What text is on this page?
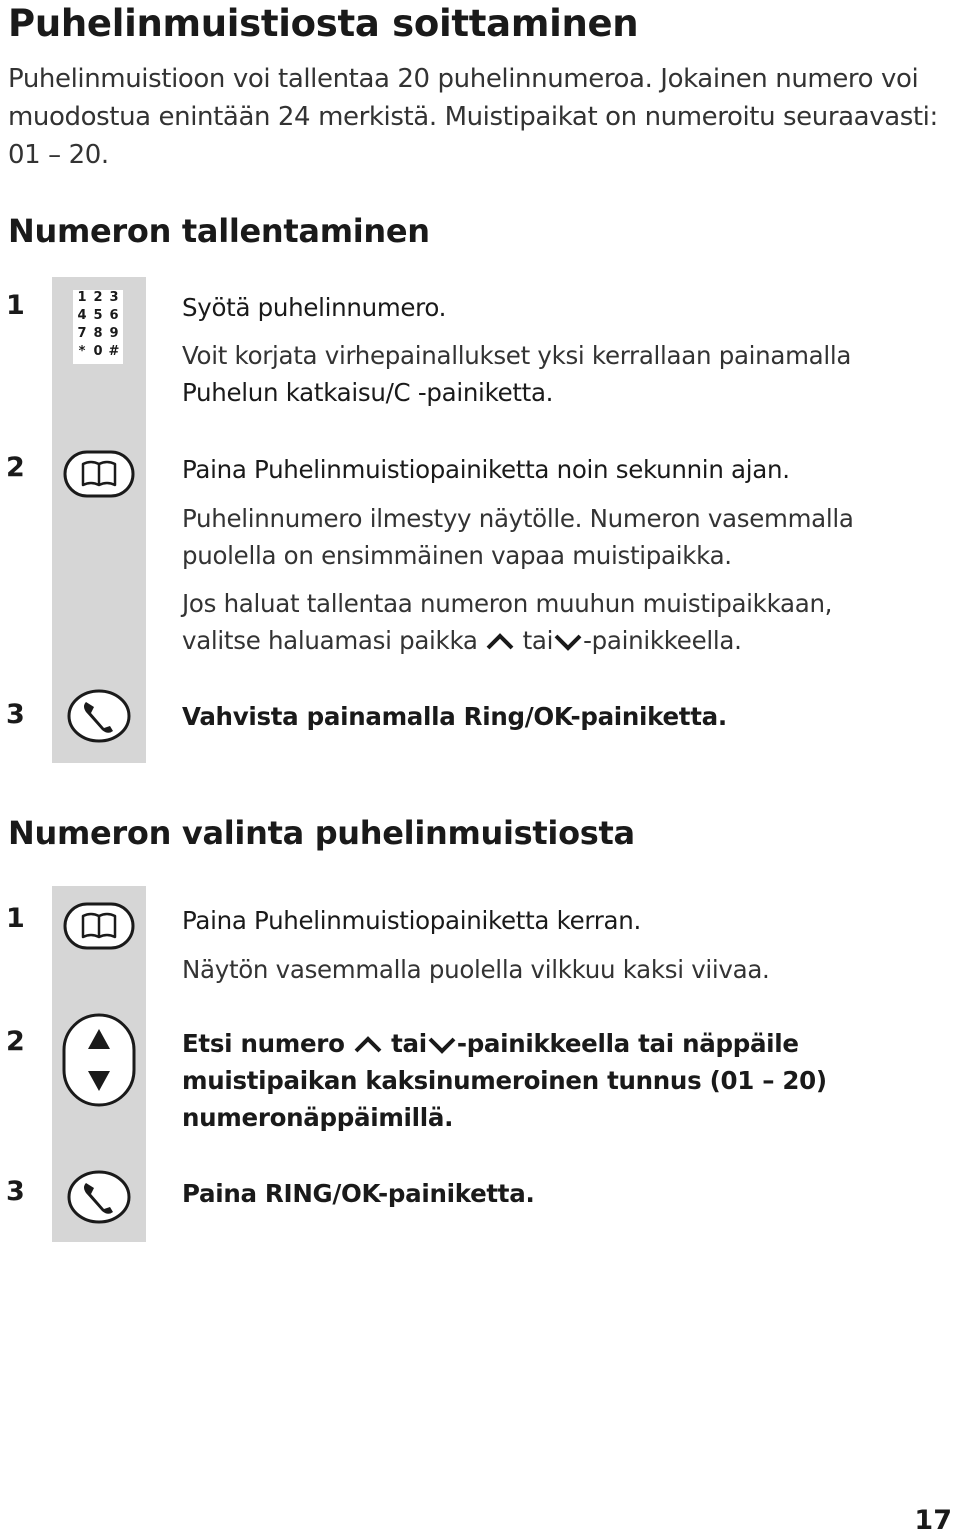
Puhelinmuistiosta soittaminen
Puhelinmuistioon voi tallentaa 20 puhelinnumeroa. Jokainen numero voi muodostua enintään 24 merkistä. Muistipaikat on numeroitu seuraavasti: 01 – 20.
Numeron tallentaminen
1	1 2 3
4 5 6
7 8 9
* 0 #
Syötä puhelinnumero.
Voit korjata virhepainallukset yksi kerrallaan painamalla
Puhelun katkaisu/C -painiketta.
2	Paina Puhelinmuistiopainiketta noin sekunnin ajan.
Puhelinnumero ilmestyy näytölle. Numeron vasemmalla
puolella on ensimmäinen vapaa muistipaikka.
Jos haluat tallentaa numeron muuhun muistipaikkaan,
valitse haluamasi paikka  tai -painikkeella.
3	Vahvista painamalla Ring/OK-painiketta.
Numeron valinta puhelinmuistiosta
1	Paina Puhelinmuistiopainiketta kerran.
Näytön vasemmalla puolella vilkkuu kaksi viivaa.
2	Etsi numero  tai -painikkeella tai näppäile
muistipaikan kaksinumeroinen tunnus (01 – 20)
numeronäppäimillä.
3	Paina RING/OK-painiketta.
17
